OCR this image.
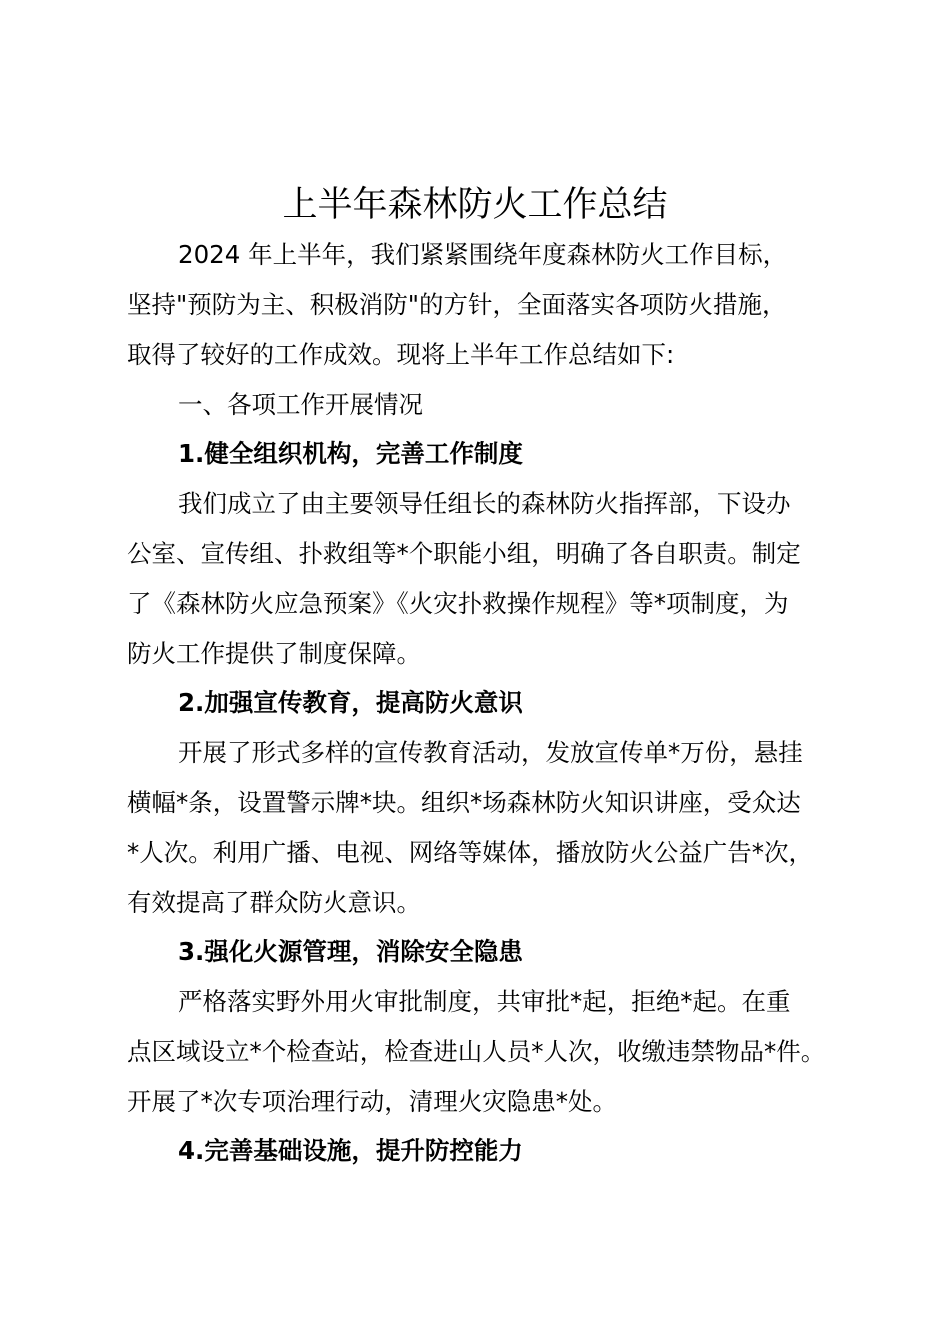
上半年森林防火工作总结
2024 年上半年，我们紧紧围绕年度森林防火工作目标，
坚持"预防为主、积极消防"的方针，全面落实各项防火措施，
取得了较好的工作成效。现将上半年工作总结如下:
一、各项工作开展情况
1.健全组织机构，完善工作制度
我们成立了由主要领导任组长的森林防火指挥部，下设办
公室、宣传组、扑救组等*个职能小组，明确了各自职责。制定
了《森林防火应急预案》《火灾扑救操作规程》等*项制度，为
防火工作提供了制度保障。
2.加强宣传教育，提高防火意识
开展了形式多样的宣传教育活动，发放宣传单*万份，悬挂
横幅*条，设置警示牌*块。组织*场森林防火知识讲座，受众达
*人次。利用广播、电视、网络等媒体，播放防火公益广告*次，
有效提高了群众防火意识。
3.强化火源管理，消除安全隐患
严格落实野外用火审批制度，共审批*起，拒绝*起。在重
点区域设立*个检查站，检查进山人员*人次，收缴违禁物品*件。
开展了*次专项治理行动，清理火灾隐患*处。
4.完善基础设施，提升防控能力
